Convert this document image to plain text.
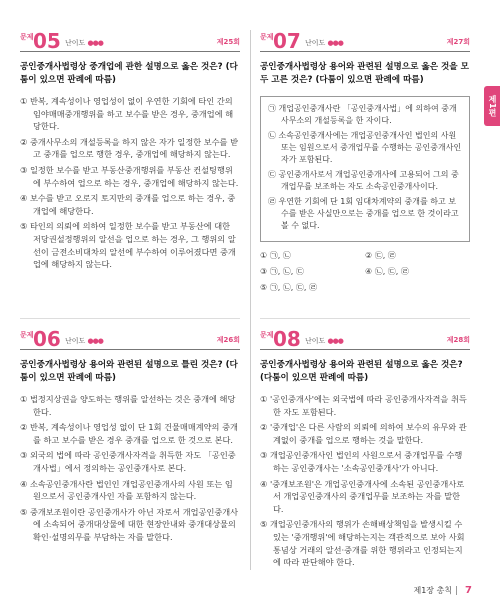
제1편
문제 05 난이도 ●●●	제25회

공인중개사법령상 중개업에 관한 설명으로 옳은 것은? (다툼이 있으면 판례에 따름)

① 반복, 계속성이나 영업성이 없이 우연한 기회에 타인 간의 임야매매중개행위를 하고 보수를 받은 경우, 중개업에 해당한다.
② 중개사무소의 개설등록을 하지 않은 자가 일정한 보수를 받고 중개를 업으로 행한 경우, 중개업에 해당하지 않는다.
③ 일정한 보수를 받고 부동산중개행위를 부동산 컨설팅행위에 부수하여 업으로 하는 경우, 중개업에 해당하지 않는다.
④ 보수를 받고 오로지 토지만의 중개를 업으로 하는 경우, 중개업에 해당한다.
⑤ 타인의 의뢰에 의하여 일정한 보수를 받고 부동산에 대한 저당권설정행위의 알선을 업으로 하는 경우, 그 행위의 알선이 금전소비대차의 알선에 부수하여 이루어졌다면 중개업에 해당하지 않는다.
문제 07 난이도 ●●●	제27회

공인중개사법령상 용어와 관련된 설명으로 옳은 것을 모두 고른 것은? (다툼이 있으면 판례에 따름)

㉠ 개업공인중개사란 「공인중개사법」에 의하여 중개사무소의 개설등록을 한 자이다.

㉡ 소속공인중개사에는 개업공인중개사인 법인의 사원 또는 임원으로서 중개업무를 수행하는 공인중개사인 자가 포함된다.

㉢ 공인중개사로서 개업공인중개사에 고용되어 그의 중개업무를 보조하는 자도 소속공인중개사이다.

㉣ 우연한 기회에 단 1회 임대차계약의 중개를 하고 보수를 받은 사실만으로는 중개를 업으로 한 것이라고 볼 수 없다.

① ㉠, ㉡	② ㉢, ㉣
③ ㉠, ㉡, ㉢	④ ㉡, ㉢, ㉣
⑤ ㉠, ㉡, ㉢, ㉣
문제 06 난이도 ●●●	제26회

공인중개사법령상 용어와 관련된 설명으로 틀린 것은? (다툼이 있으면 판례에 따름)

① 법정지상권을 양도하는 행위를 알선하는 것은 중개에 해당한다.
② 반복, 계속성이나 영업성 없이 단 1회 건물매매계약의 중개를 하고 보수를 받은 경우 중개를 업으로 한 것으로 본다.
③ 외국의 법에 따라 공인중개사자격을 취득한 자도 「공인중개사법」에서 정의하는 공인중개사로 본다.
④ 소속공인중개사란 법인인 개업공인중개사의 사원 또는 임원으로서 공인중개사인 자를 포함하지 않는다.
⑤ 중개보조원이란 공인중개사가 아닌 자로서 개업공인중개사에 소속되어 중개대상물에 대한 현장안내와 중개대상물의 확인·설명의무를 부담하는 자를 말한다.
문제 08 난이도 ●●●	제28회

공인중개사법령상 용어와 관련된 설명으로 옳은 것은? (다툼이 있으면 판례에 따름)

① '공인중개사'에는 외국법에 따라 공인중개사자격을 취득한 자도 포함된다.
② '중개업'은 다른 사람의 의뢰에 의하여 보수의 유무와 관계없이 중개를 업으로 행하는 것을 말한다.
③ 개업공인중개사인 법인의 사원으로서 중개업무를 수행하는 공인중개사는 '소속공인중개사'가 아니다.
④ '중개보조원'은 개업공인중개사에 소속된 공인중개사로서 개업공인중개사의 중개업무를 보조하는 자를 말한다.
⑤ 개업공인중개사의 행위가 손해배상책임을 발생시킬 수 있는 '중개행위'에 해당하는지는 객관적으로 보아 사회통념상 거래의 알선·중개를 위한 행위라고 인정되는지에 따라 판단해야 한다.
제1장 총칙 7
